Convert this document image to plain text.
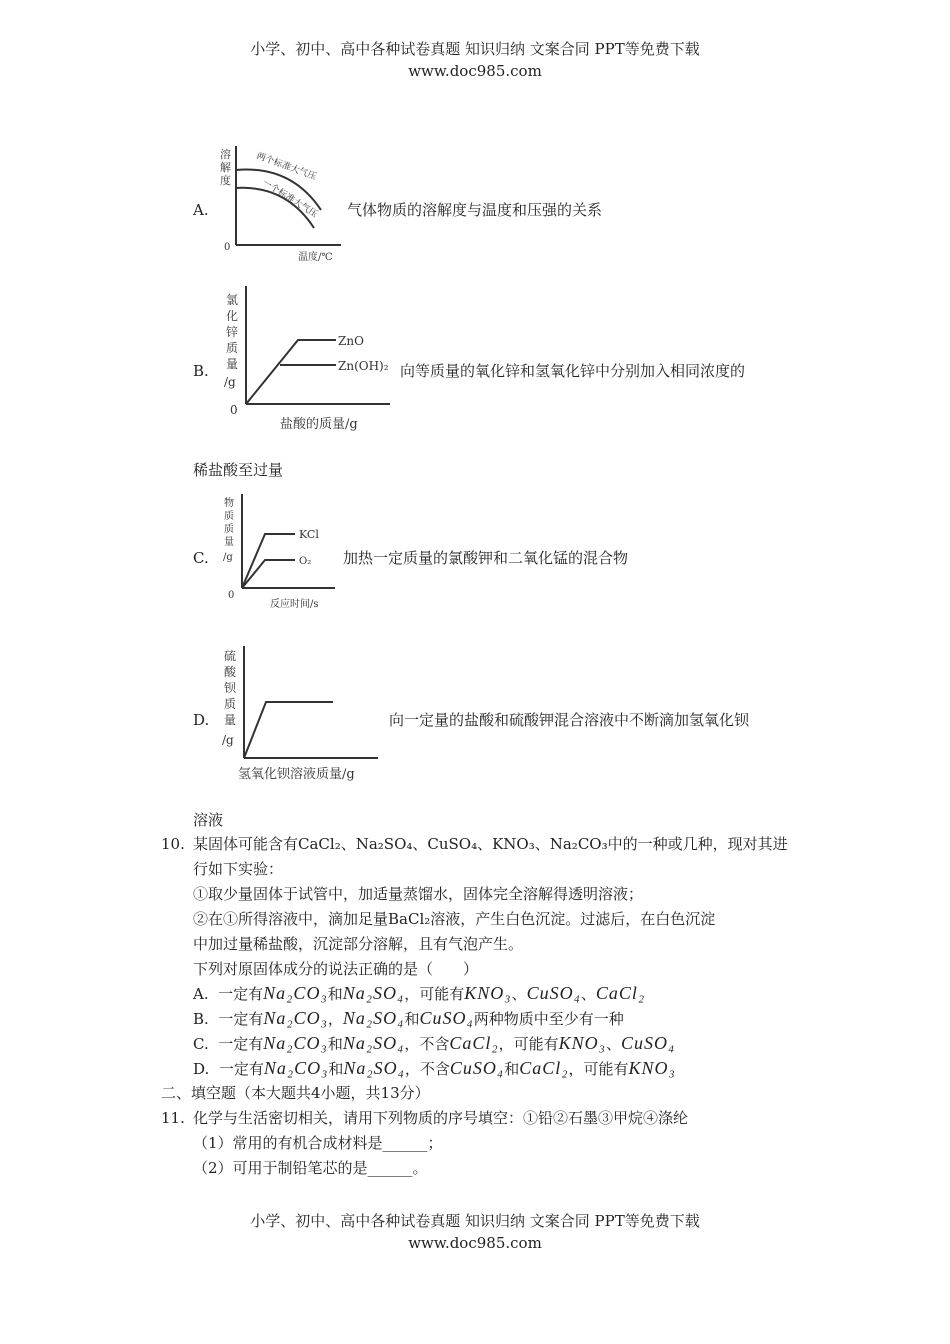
小学、初中、高中各种试卷真题 知识归纳 文案合同 PPT等免费下载
www.doc985.com
A.
溶
解
度
0
温度/℃
两个标准大气压
一个标准大气压 气体物质的溶解度与温度和压强的关系
B.
氯
化
锌
质
量
/g
0
盐酸的质量/g
ZnO
Zn(OH)₂ 向等质量的氧化锌和氢氧化锌中分别加入相同浓度的
稀盐酸至过量
C.
物
质
质
量
/g
0
反应时间/s
KCl
O₂ 加热一定质量的氯酸钾和二氧化锰的混合物
D.
硫
酸
钡
质
量
/g
氢氧化钡溶液质量/g
向一定量的盐酸和硫酸钾混合溶液中不断滴加氢氧化钡
溶液
10. 某固体可能含有CaCl₂、Na₂SO₄、CuSO₄、KNO₃、Na₂CO₃中的一种或几种，现对其进
行如下实验：
①取少量固体于试管中，加适量蒸馏水，固体完全溶解得透明溶液；
②在①所得溶液中，滴加足量BaCl₂溶液，产生白色沉淀。过滤后，在白色沉淀
中加过量稀盐酸，沉淀部分溶解，且有气泡产生。
下列对原固体成分的说法正确的是（　　）
A. 一定有Na₂CO₃和Na₂SO₄，可能有KNO₃、CuSO₄、CaCl₂
B. 一定有Na₂CO₃，Na₂SO₄和CuSO₄两种物质中至少有一种
C. 一定有Na₂CO₃和Na₂SO₄，不含CaCl₂，可能有KNO₃、CuSO₄
D. 一定有Na₂CO₃和Na₂SO₄，不含CuSO₄和CaCl₂，可能有KNO₃
二、填空题（本大题共4小题，共13分）
11. 化学与生活密切相关，请用下列物质的序号填空：①铅②石墨③甲烷④涤纶
（1）常用的有机合成材料是______；
（2）可用于制铅笔芯的是______。
小学、初中、高中各种试卷真题 知识归纳 文案合同 PPT等免费下载
www.doc985.com
